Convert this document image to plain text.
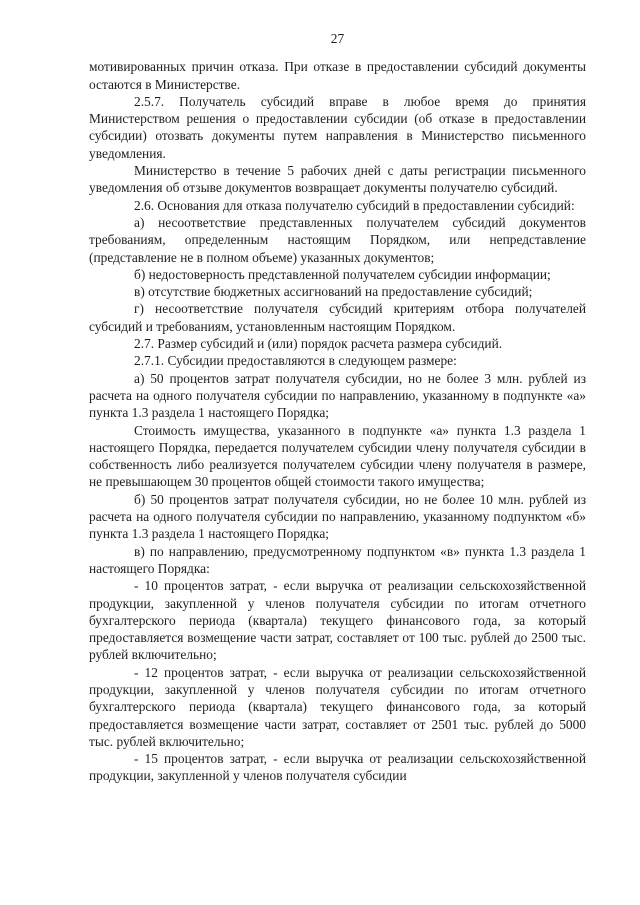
27

мотивированных причин отказа. При отказе в предоставлении субсидий документы остаются в Министерстве.

2.5.7. Получатель субсидий вправе в любое время до принятия Министерством решения о предоставлении субсидии (об отказе в предоставлении субсидии) отозвать документы путем направления в Министерство письменного уведомления.

Министерство в течение 5 рабочих дней с даты регистрации письменного уведомления об отзыве документов возвращает документы получателю субсидий.

2.6. Основания для отказа получателю субсидий в предоставлении субсидий:

а) несоответствие представленных получателем субсидий документов требованиям, определенным настоящим Порядком, или непредставление (представление не в полном объеме) указанных документов;

б) недостоверность представленной получателем субсидии информации;

в) отсутствие бюджетных ассигнований на предоставление субсидий;

г) несоответствие получателя субсидий критериям отбора получателей субсидий и требованиям, установленным настоящим Порядком.

2.7. Размер субсидий и (или) порядок расчета размера субсидий.

2.7.1. Субсидии предоставляются в следующем размере:

а) 50 процентов затрат получателя субсидии, но не более 3 млн. рублей из расчета на одного получателя субсидии по направлению, указанному в подпункте «а» пункта 1.3 раздела 1 настоящего Порядка;

Стоимость имущества, указанного в подпункте «а» пункта 1.3 раздела 1 настоящего Порядка, передается получателем субсидии члену получателя субсидии в собственность либо реализуется получателем субсидии члену получателя в размере, не превышающем 30 процентов общей стоимости такого имущества;

б) 50 процентов затрат получателя субсидии, но не более 10 млн. рублей из расчета на одного получателя субсидии по направлению, указанному подпунктом «б» пункта 1.3 раздела 1 настоящего Порядка;

в) по направлению, предусмотренному подпунктом «в» пункта 1.3 раздела 1 настоящего Порядка:

- 10 процентов затрат, - если выручка от реализации сельскохозяйственной продукции, закупленной у членов получателя субсидии по итогам отчетного бухгалтерского периода (квартала) текущего финансового года, за который предоставляется возмещение части затрат, составляет от 100 тыс. рублей до 2500 тыс. рублей включительно;

- 12 процентов затрат, - если выручка от реализации сельскохозяйственной продукции, закупленной у членов получателя субсидии по итогам отчетного бухгалтерского периода (квартала) текущего финансового года, за который предоставляется возмещение части затрат, составляет от 2501 тыс. рублей до 5000 тыс. рублей включительно;

- 15 процентов затрат, - если выручка от реализации сельскохозяйственной продукции, закупленной у членов получателя субсидии
